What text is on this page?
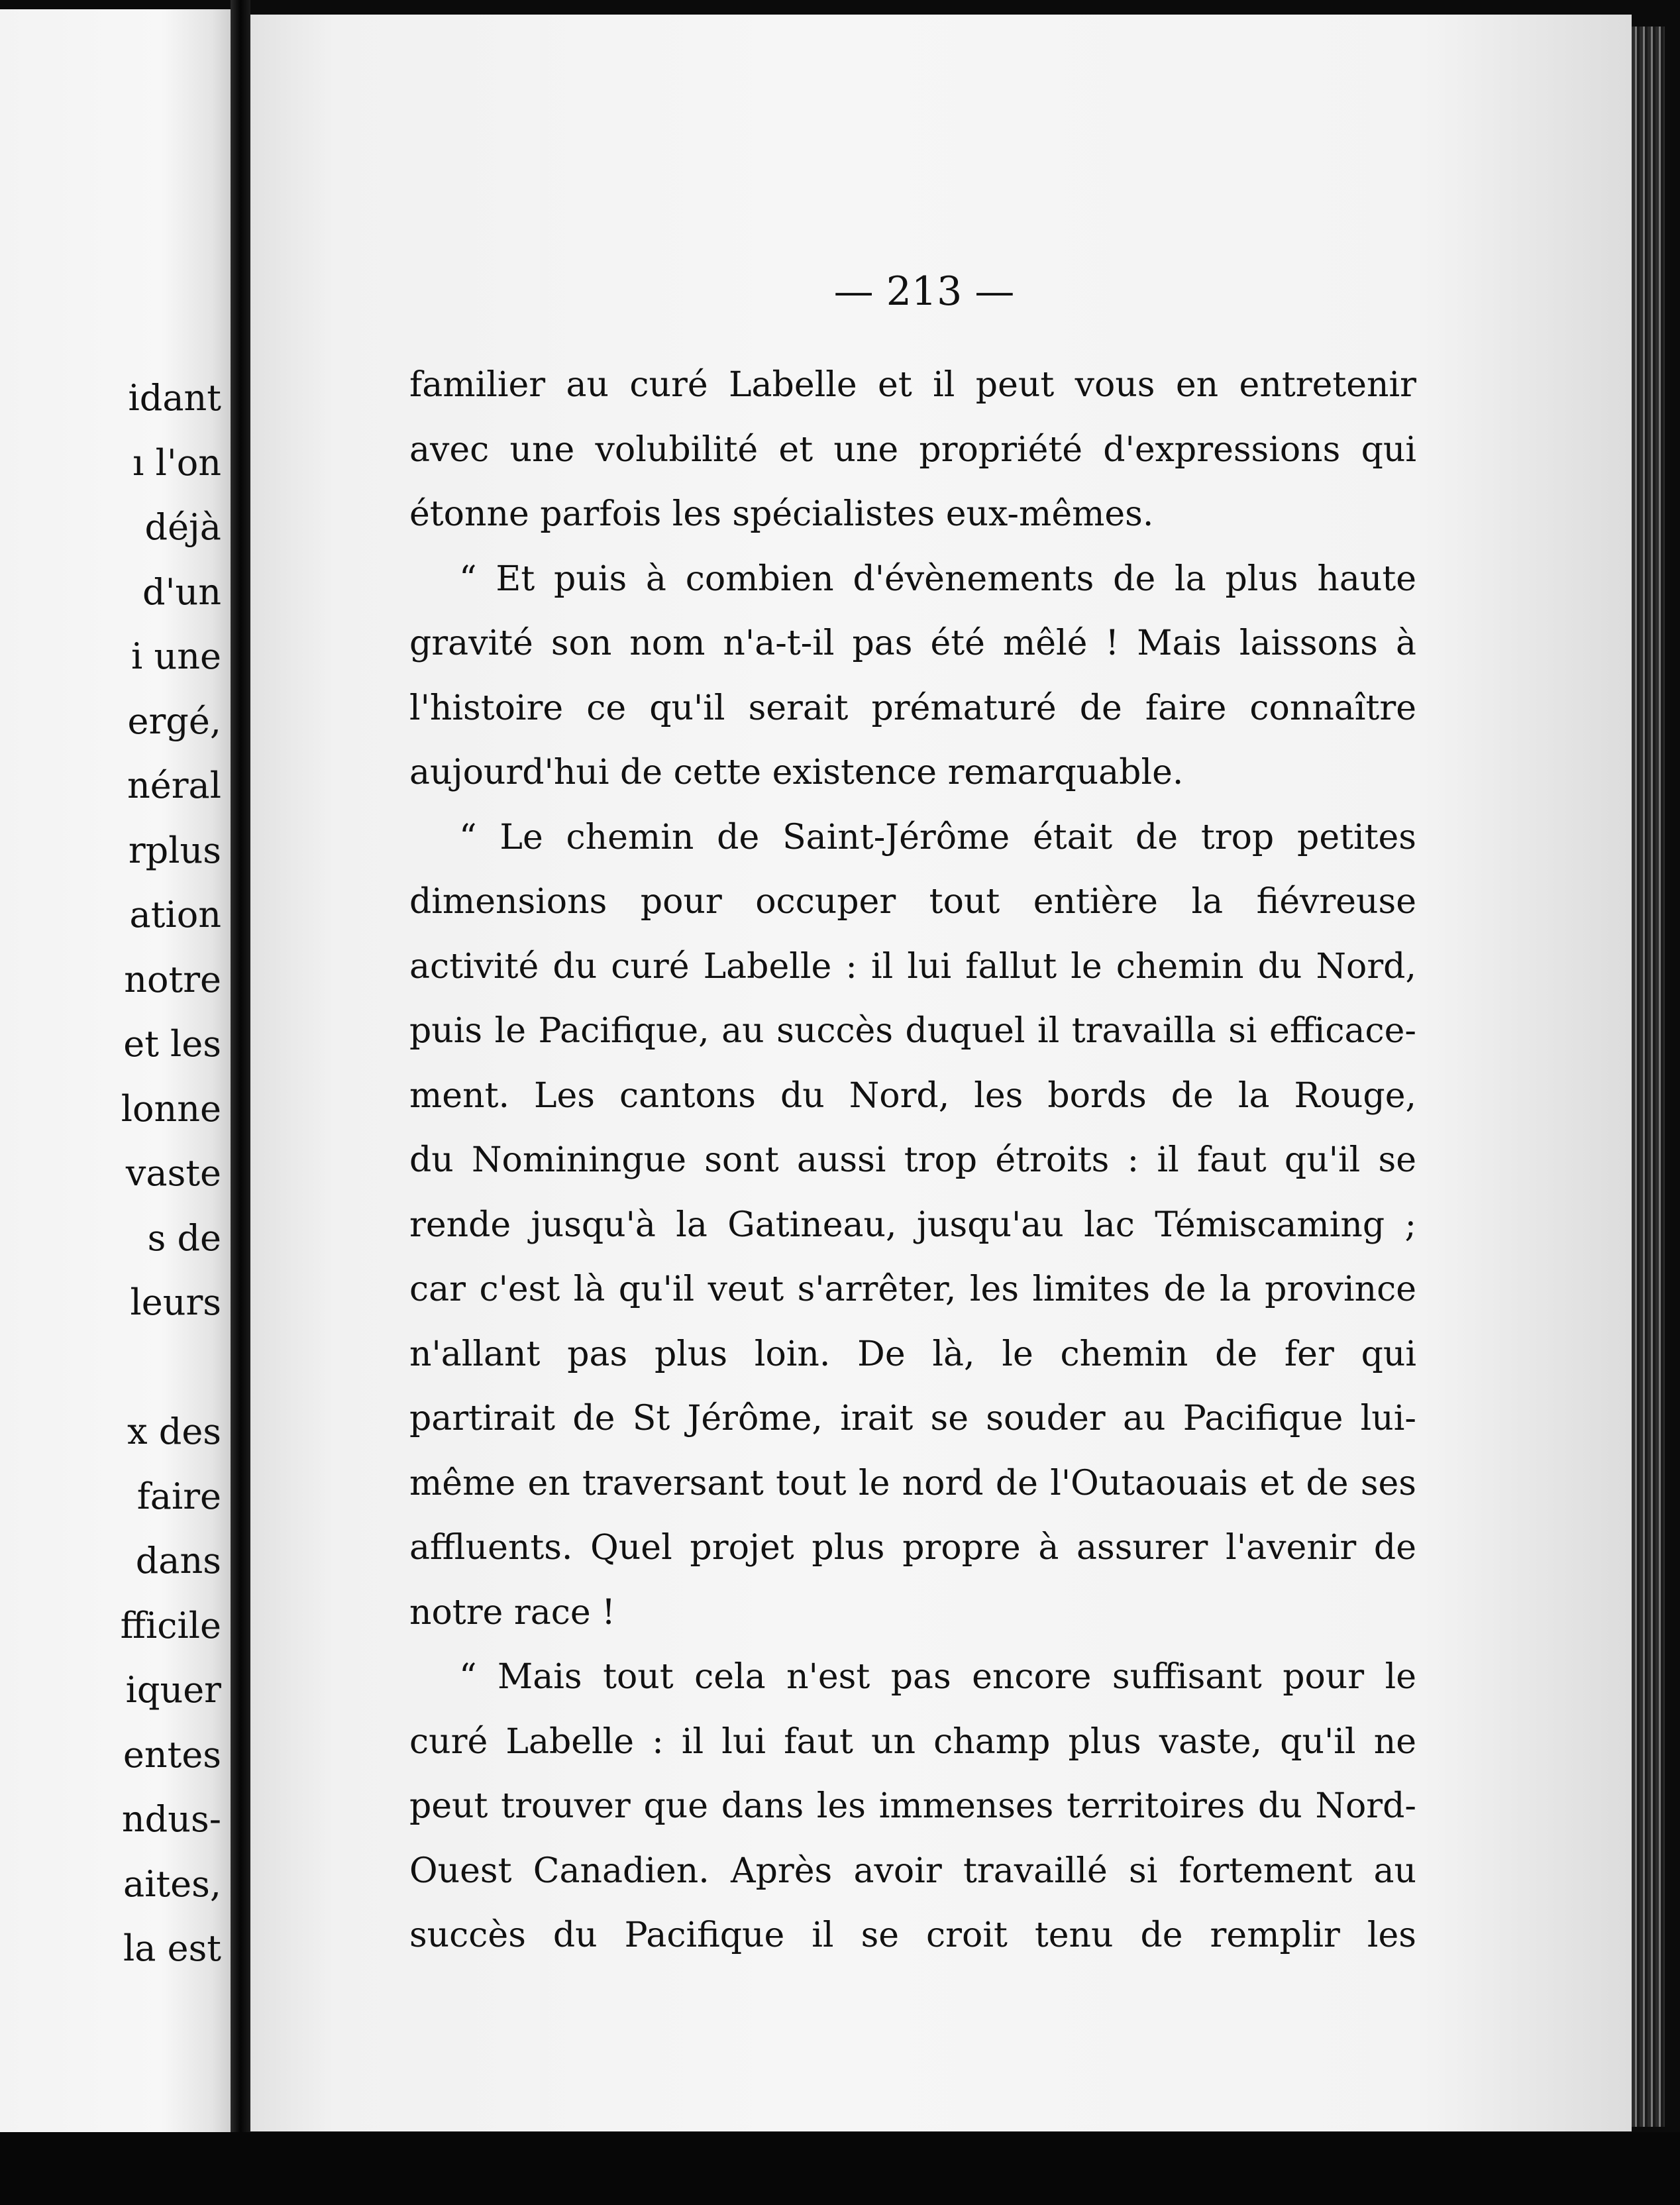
idant
ı l'on
déjà
d'un
i une
ergé,
néral
rplus
ation
notre
et les
lonne
vaste
s de
leurs
x des
faire
dans
fficile
iquer
entes
ndus-
aites,
la est
— 213 —
familier au curé Labelle et il peut vous en entretenir
avec une volubilité et une propriété d'expressions qui
étonne parfois les spécialistes eux-mêmes.
“ Et puis à combien d'évènements de la plus haute
gravité son nom n'a-t-il pas été mêlé ! Mais laissons à
l'histoire ce qu'il serait prématuré de faire connaître
aujourd'hui de cette existence remarquable.
“ Le chemin de Saint-Jérôme était de trop petites
dimensions pour occuper tout entière la fiévreuse
activité du curé Labelle : il lui fallut le chemin du Nord,
puis le Pacifique, au succès duquel il travailla si efficace-
ment. Les cantons du Nord, les bords de la Rouge,
du Nominingue sont aussi trop étroits : il faut qu'il se
rende jusqu'à la Gatineau, jusqu'au lac Témiscaming ;
car c'est là qu'il veut s'arrêter, les limites de la province
n'allant pas plus loin. De là, le chemin de fer qui
partirait de St Jérôme, irait se souder au Pacifique lui-
même en traversant tout le nord de l'Outaouais et de ses
affluents. Quel projet plus propre à assurer l'avenir de
notre race !
“ Mais tout cela n'est pas encore suffisant pour le
curé Labelle : il lui faut un champ plus vaste, qu'il ne
peut trouver que dans les immenses territoires du Nord-
Ouest Canadien. Après avoir travaillé si fortement au
succès du Pacifique il se croit tenu de remplir les
